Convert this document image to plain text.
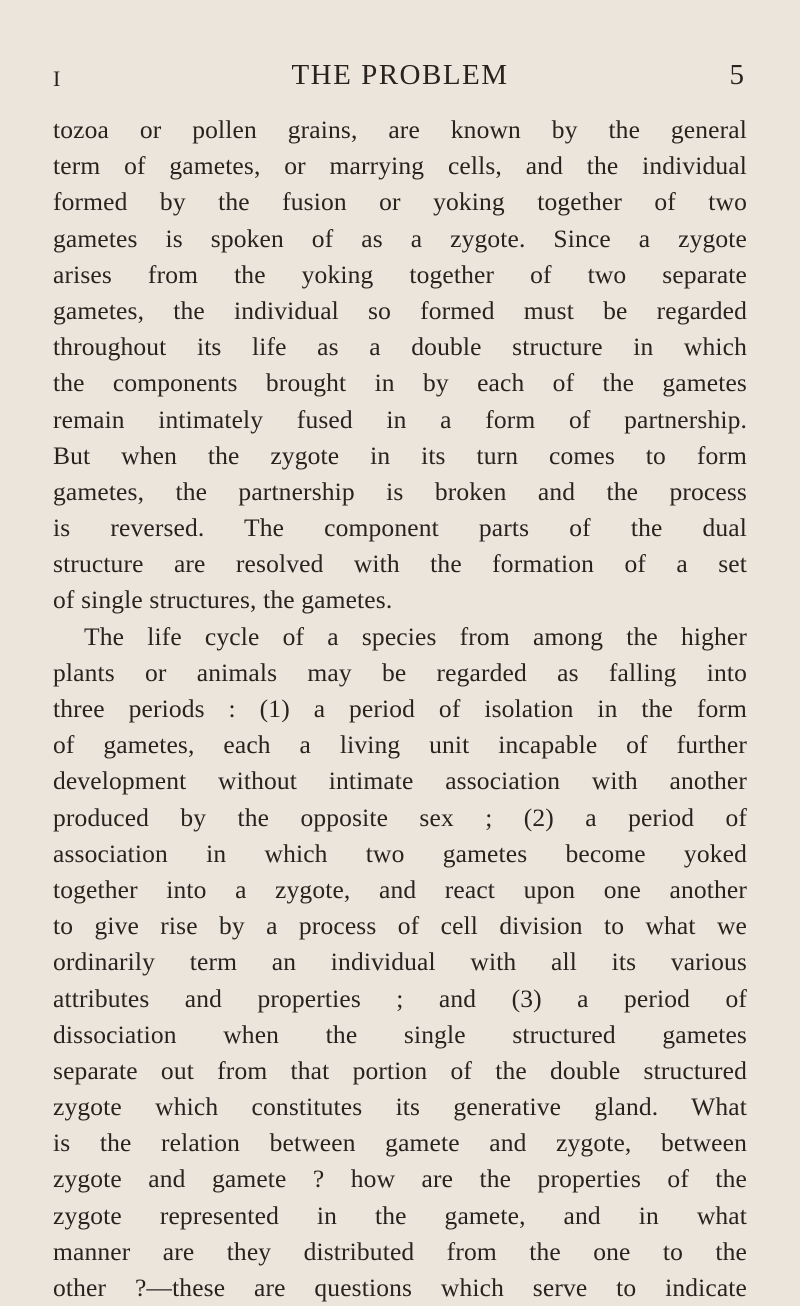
I	THE PROBLEM	5
tozoa or pollen grains, are known by the general
term of gametes, or marrying cells, and the individual
formed by the fusion or yoking together of two
gametes is spoken of as a zygote. Since a zygote
arises from the yoking together of two separate
gametes, the individual so formed must be regarded
throughout its life as a double structure in which
the components brought in by each of the gametes
remain intimately fused in a form of partnership.
But when the zygote in its turn comes to form
gametes, the partnership is broken and the process
is reversed. The component parts of the dual
structure are resolved with the formation of a set
of single structures, the gametes.
The life cycle of a species from among the higher
plants or animals may be regarded as falling into
three periods : (1) a period of isolation in the form
of gametes, each a living unit incapable of further
development without intimate association with another
produced by the opposite sex ; (2) a period of
association in which two gametes become yoked
together into a zygote, and react upon one another
to give rise by a process of cell division to what we
ordinarily term an individual with all its various
attributes and properties ; and (3) a period of
dissociation when the single structured gametes
separate out from that portion of the double structured
zygote which constitutes its generative gland. What
is the relation between gamete and zygote, between
zygote and gamete ? how are the properties of the
zygote represented in the gamete, and in what
manner are they distributed from the one to the
other ?—these are questions which serve to indicate
